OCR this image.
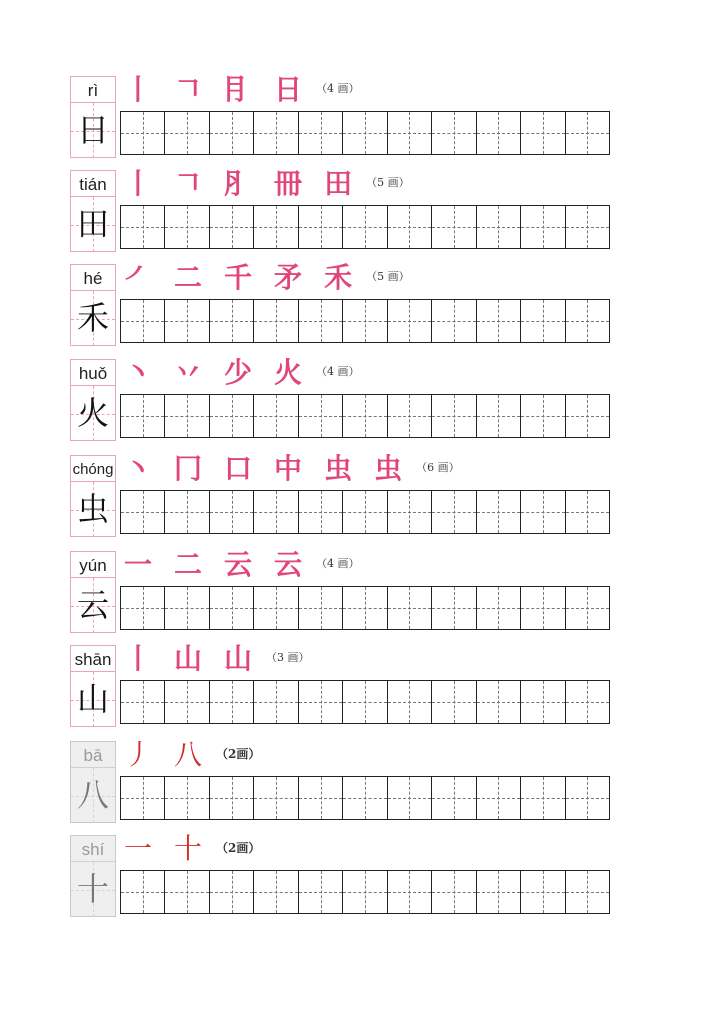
rì
日
丨 𠃍 ⺝ 日 （4 画）
tián
田
丨 𠃍 ⺼ 冊 田 （5 画）
hé
禾
㇒ 二 千 矛 禾 （5 画）
huǒ
火
丶 丷 少 火 （4 画）
chóng
虫
丶 冂 口 中 虫 虫 （6 画）
yún
云
一 二 云 云 （4 画）
shān
山
丨 山 山 （3 画）
bā
八
丿 八 （2画）
shí
十
一 十 （2画）
